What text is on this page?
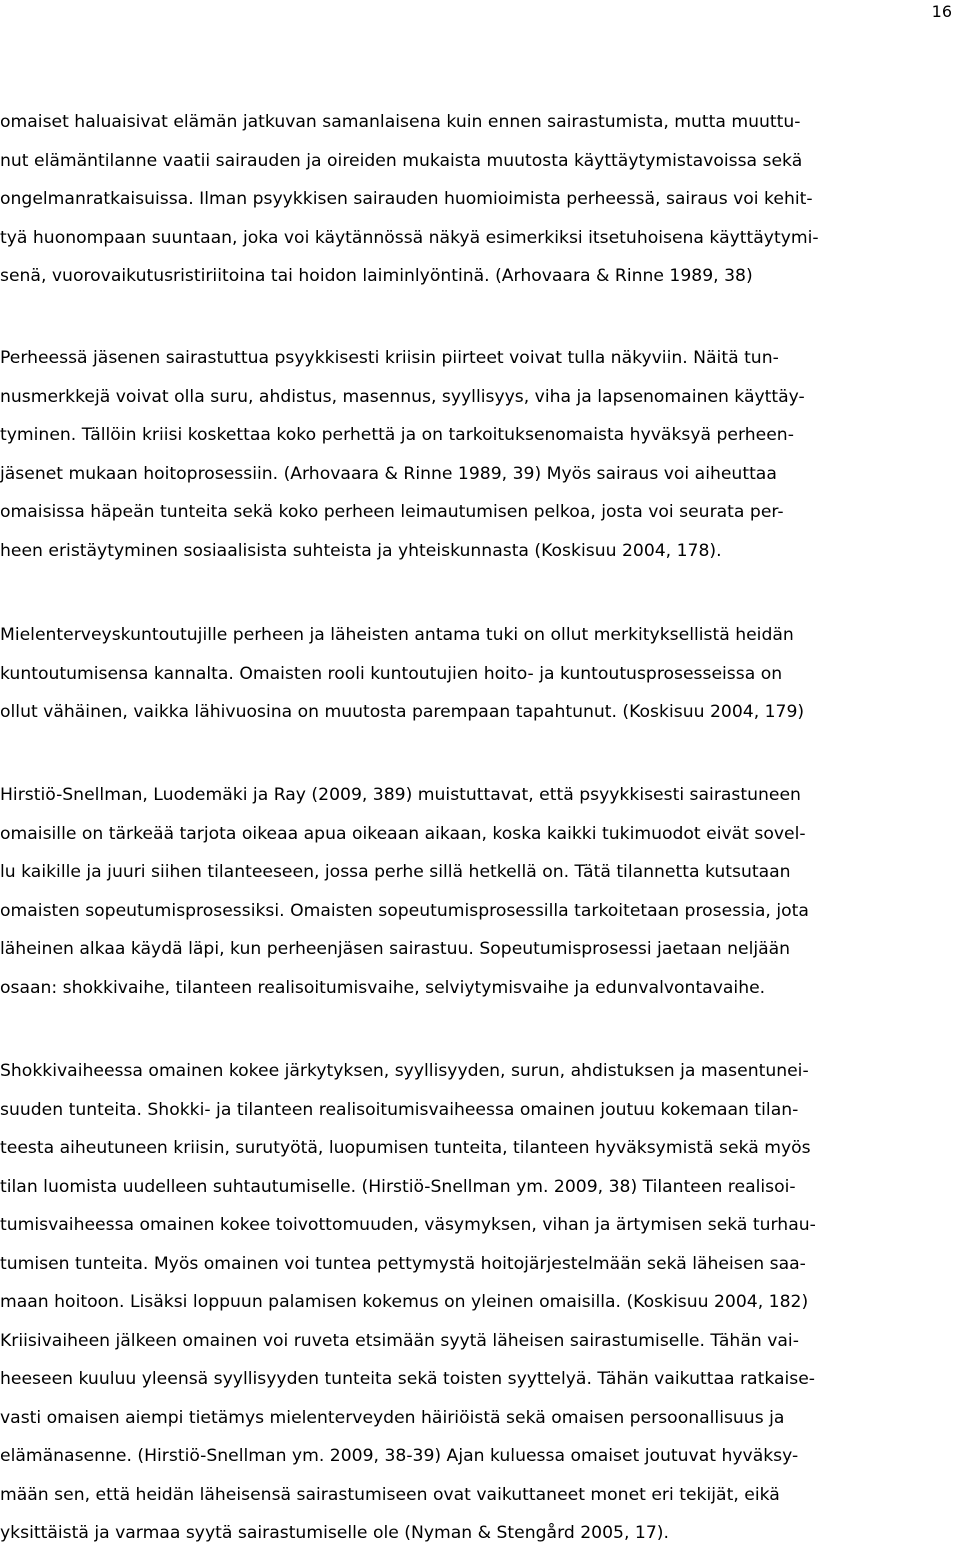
16
omaiset haluaisivat elämän jatkuvan samanlaisena kuin ennen sairastumista, mutta muuttu-
nut elämäntilanne vaatii sairauden ja oireiden mukaista muutosta käyttäytymistavoissa sekä
ongelmanratkaisuissa. Ilman psyykkisen sairauden huomioimista perheessä, sairaus voi kehit-
tyä huonompaan suuntaan, joka voi käytännössä näkyä esimerkiksi itsetuhoisena käyttäytymi-
senä, vuorovaikutusristiriitoina tai hoidon laiminlyöntinä. (Arhovaara & Rinne 1989, 38)
Perheessä jäsenen sairastuttua psyykkisesti kriisin piirteet voivat tulla näkyviin. Näitä tun-
nusmerkkejä voivat olla suru, ahdistus, masennus, syyllisyys, viha ja lapsenomainen käyttäy-
tyminen. Tällöin kriisi koskettaa koko perhettä ja on tarkoituksenomaista hyväksyä perheen-
jäsenet mukaan hoitoprosessiin. (Arhovaara & Rinne 1989, 39) Myös sairaus voi aiheuttaa
omaisissa häpeän tunteita sekä koko perheen leimautumisen pelkoa, josta voi seurata per-
heen eristäytyminen sosiaalisista suhteista ja yhteiskunnasta (Koskisuu 2004, 178).
Mielenterveyskuntoutujille perheen ja läheisten antama tuki on ollut merkityksellistä heidän
kuntoutumisensa kannalta. Omaisten rooli kuntoutujien hoito- ja kuntoutusprosesseissa on
ollut vähäinen, vaikka lähivuosina on muutosta parempaan tapahtunut. (Koskisuu 2004, 179)
Hirstiö-Snellman, Luodemäki ja Ray (2009, 389) muistuttavat, että psyykkisesti sairastuneen
omaisille on tärkeää tarjota oikeaa apua oikeaan aikaan, koska kaikki tukimuodot eivät sovel-
lu kaikille ja juuri siihen tilanteeseen, jossa perhe sillä hetkellä on. Tätä tilannetta kutsutaan
omaisten sopeutumisprosessiksi. Omaisten sopeutumisprosessilla tarkoitetaan prosessia, jota
läheinen alkaa käydä läpi, kun perheenjäsen sairastuu. Sopeutumisprosessi jaetaan neljään
osaan: shokkivaihe, tilanteen realisoitumisvaihe, selviytymisvaihe ja edunvalvontavaihe.
Shokkivaiheessa omainen kokee järkytyksen, syyllisyyden, surun, ahdistuksen ja masentunei-
suuden tunteita. Shokki- ja tilanteen realisoitumisvaiheessa omainen joutuu kokemaan tilan-
teesta aiheutuneen kriisin, surutyötä, luopumisen tunteita, tilanteen hyväksymistä sekä myös
tilan luomista uudelleen suhtautumiselle. (Hirstiö-Snellman ym. 2009, 38) Tilanteen realisoi-
tumisvaiheessa omainen kokee toivottomuuden, väsymyksen, vihan ja ärtymisen sekä turhau-
tumisen tunteita. Myös omainen voi tuntea pettymystä hoitojärjestelmään sekä läheisen saa-
maan hoitoon. Lisäksi loppuun palamisen kokemus on yleinen omaisilla. (Koskisuu 2004, 182)
Kriisivaiheen jälkeen omainen voi ruveta etsimään syytä läheisen sairastumiselle. Tähän vai-
heeseen kuuluu yleensä syyllisyyden tunteita sekä toisten syyttelyä. Tähän vaikuttaa ratkaise-
vasti omaisen aiempi tietämys mielenterveyden häiriöistä sekä omaisen persoonallisuus ja
elämänasenne. (Hirstiö-Snellman ym. 2009, 38-39) Ajan kuluessa omaiset joutuvat hyväksy-
mään sen, että heidän läheisensä sairastumiseen ovat vaikuttaneet monet eri tekijät, eikä
yksittäistä ja varmaa syytä sairastumiselle ole (Nyman & Stengård 2005, 17).
